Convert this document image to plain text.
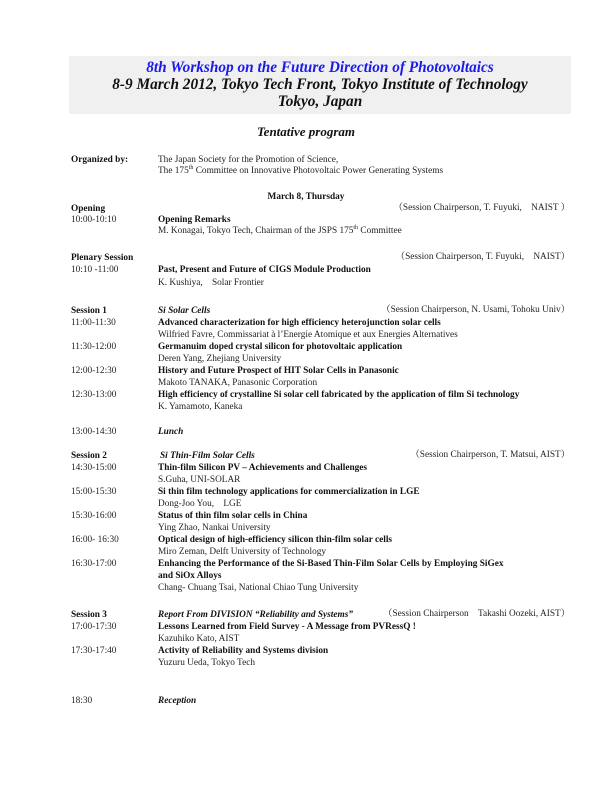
8th Workshop on the Future Direction of Photovoltaics
8-9 March 2012, Tokyo Tech Front, Tokyo Institute of Technology
Tokyo, Japan
Tentative program
Organized by:	The Japan Society for the Promotion of Science,
The 175th Committee on Innovative Photovoltaic Power Generating Systems
March 8, Thursday
Opening	（Session Chairperson, T. Fuyuki,　NAIST ）
10:00-10:10	Opening Remarks
M. Konagai, Tokyo Tech, Chairman of the JSPS 175th Committee
Plenary Session	（Session Chairperson, T. Fuyuki,　NAIST）
10:10 -11:00	Past, Present and Future of CIGS Module Production
K. Kushiya,　Solar Frontier
Session 1	Si Solar Cells	（Session Chairperson, N. Usami, Tohoku Univ）
11:00-11:30	Advanced characterization for high efficiency heterojunction solar cells
Wilfried Favre, Commissariat à l’Energie Atomique et aux Energies Alternatives
11:30-12:00	Germanuim doped crystal silicon for photovoltaic application
Deren Yang, Zhejiang University
12:00-12:30	History and Future Prospect of HIT Solar Cells in Panasonic
Makoto TANAKA, Panasonic Corporation
12:30-13:00	High efficiency of crystalline Si solar cell fabricated by the application of film Si technology
K. Yamamoto, Kaneka
13:00-14:30	Lunch
Session 2	Si Thin-Film Solar Cells	（Session Chairperson, T. Matsui, AIST）
14:30-15:00	Thin-film Silicon PV – Achievements and Challenges
S.Guha, UNI-SOLAR
15:00-15:30	Si thin film technology applications for commercialization in LGE
Dong-Joo You,　LGE
15:30-16:00	Status of thin film solar cells in China
Ying Zhao, Nankai University
16:00- 16:30	Optical design of high-efficiency silicon thin-film solar cells
Miro Zeman, Delft University of Technology
16:30-17:00	Enhancing the Performance of the Si-Based Thin-Film Solar Cells by Employing SiGex
and SiOx Alloys
Chang- Chuang Tsai, National Chiao Tung University
Session 3	Report From DIVISION “Reliability and Systems”	（Session Chairperson　Takashi Oozeki, AIST）
17:00-17:30	Lessons Learned from Field Survey - A Message from PVRessQ !
Kazuhiko Kato, AIST
17:30-17:40	Activity of Reliability and Systems division
Yuzuru Ueda, Tokyo Tech
18:30	Reception
